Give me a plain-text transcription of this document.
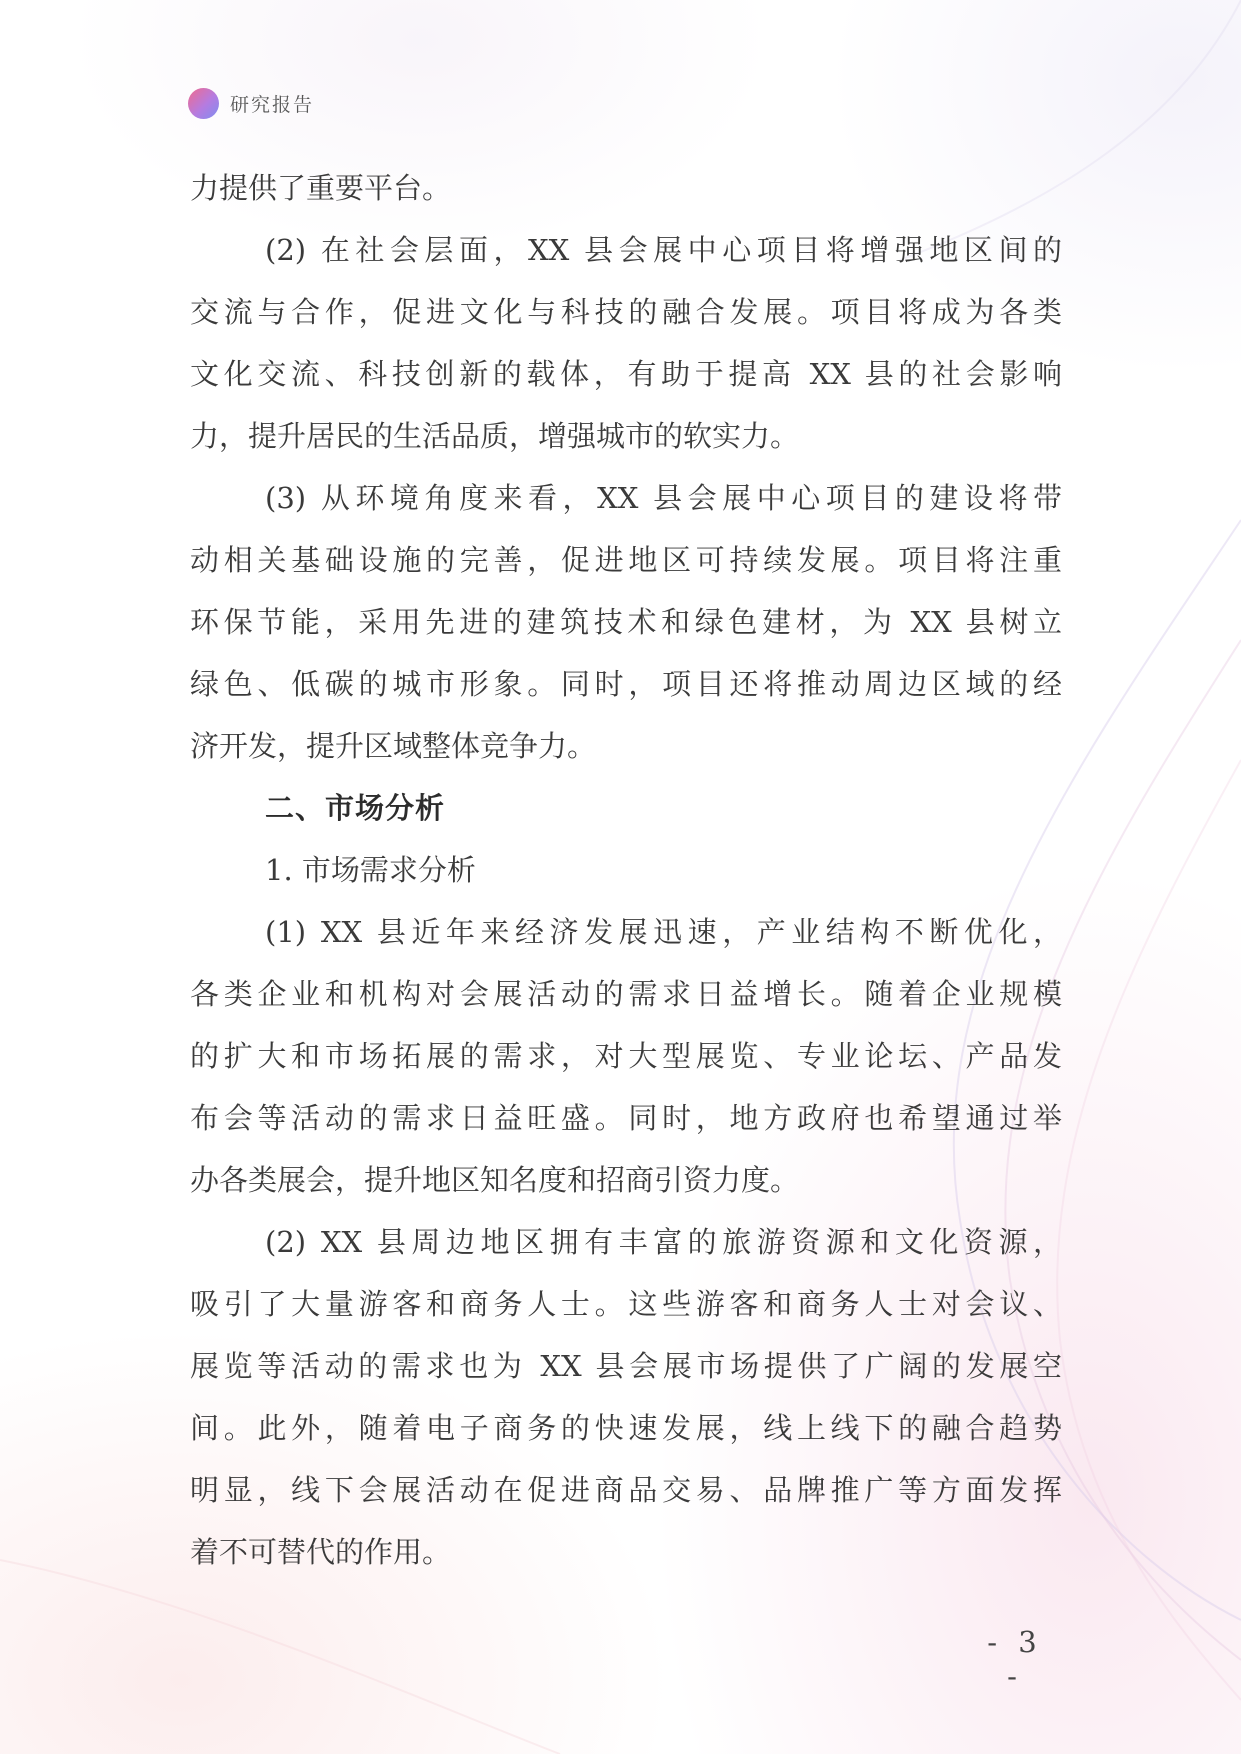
研究报告
力提供了重要平台。
(2) 在社会层面，XX 县会展中心项目将增强地区间的
交流与合作，促进文化与科技的融合发展。项目将成为各类
文化交流、科技创新的载体，有助于提高 XX 县的社会影响
力，提升居民的生活品质，增强城市的软实力。
(3) 从环境角度来看，XX 县会展中心项目的建设将带
动相关基础设施的完善，促进地区可持续发展。项目将注重
环保节能，采用先进的建筑技术和绿色建材，为 XX 县树立
绿色、低碳的城市形象。同时，项目还将推动周边区域的经
济开发，提升区域整体竞争力。
二、市场分析
1. 市场需求分析
(1) XX 县近年来经济发展迅速，产业结构不断优化，
各类企业和机构对会展活动的需求日益增长。随着企业规模
的扩大和市场拓展的需求，对大型展览、专业论坛、产品发
布会等活动的需求日益旺盛。同时，地方政府也希望通过举
办各类展会，提升地区知名度和招商引资力度。
(2) XX 县周边地区拥有丰富的旅游资源和文化资源，
吸引了大量游客和商务人士。这些游客和商务人士对会议、
展览等活动的需求也为 XX 县会展市场提供了广阔的发展空
间。此外，随着电子商务的快速发展，线上线下的融合趋势
明显，线下会展活动在促进商品交易、品牌推广等方面发挥
着不可替代的作用。
- 3 -
